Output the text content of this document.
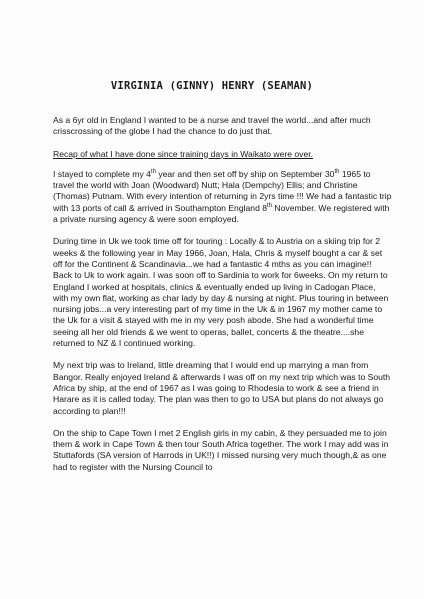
VIRGINIA (GINNY) HENRY (SEAMAN)

As a 6yr old in England I wanted to be a nurse and travel the world...and after much crisscrossing of the globe I had the chance to do just that.

Recap of what I have done since training days in Waikato were over.

I stayed to complete my 4th year and then set off by ship on September 30th 1965 to travel the world with Joan (Woodward) Nutt; Hala (Dempchy) Ellis; and Christine (Thomas) Putnam. With every intention of returning in 2yrs time !!! We had a fantastic trip with 13 ports of call & arrived in Southampton England 8th November. We registered with a private nursing agency & were soon employed.

During time in Uk we took time off for touring : Locally & to Austria on a skiing trip for 2 weeks & the following year in May 1966, Joan, Hala, Chris & myself bought a car & set off for the Continent & Scandinavia...we had a fantastic 4 mths as you can imagine!!

Back to Uk to work again. I was soon off to Sardinia to work for 6weeks. On my return to England I worked at hospitals, clinics & eventually ended up living in Cadogan Place, with my own flat, working as char lady by day & nursing at night. Plus touring in between nursing jobs...a very interesting part of my time in the Uk & in 1967 my mother came to the Uk for a visit & stayed with me in my very posh abode. She had a wonderful time seeing all her old friends & we went to operas, ballet, concerts & the theatre....she returned to NZ & I continued working.

My next trip was to Ireland, little dreaming that I would end up marrying a man from Bangor. Really enjoyed Ireland & afterwards I was off on my next trip which was to South Africa by ship, at the end of 1967 as I was going to Rhodesia to work & see a friend in Harare as it is called today. The plan was then to go to USA but plans do not always go according to plan!!!

On the ship to Cape Town I met 2 English girls in my cabin, & they persuaded me to join them & work in Cape Town & then tour South Africa together. The work I may add was in Stuttafords (SA version of Harrods in UK!!) I missed nursing very much though,& as one had to register with the Nursing Council to
